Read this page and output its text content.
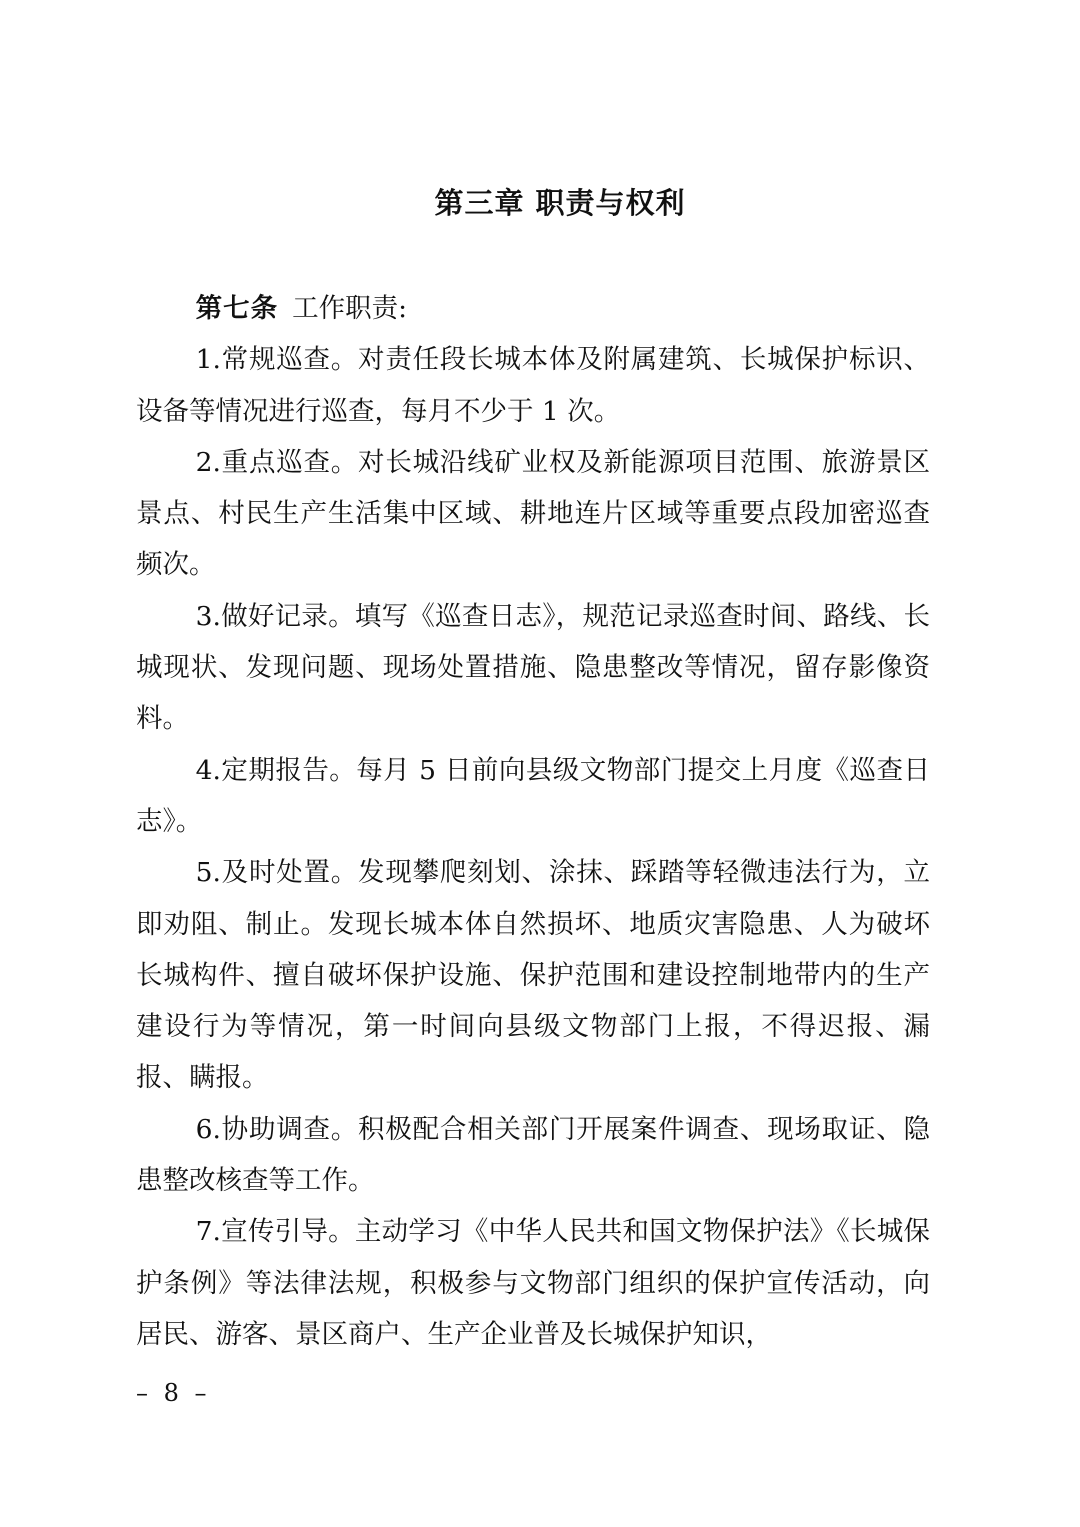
第三章 职责与权利

第七条 工作职责:

1.常规巡查。对责任段长城本体及附属建筑、长城保护标识、设备等情况进行巡查，每月不少于 1 次。

2.重点巡查。对长城沿线矿业权及新能源项目范围、旅游景区景点、村民生产生活集中区域、耕地连片区域等重要点段加密巡查频次。

3.做好记录。填写《巡查日志》，规范记录巡查时间、路线、长城现状、发现问题、现场处置措施、隐患整改等情况，留存影像资料。

4.定期报告。每月 5 日前向县级文物部门提交上月度《巡查日志》。

5.及时处置。发现攀爬刻划、涂抹、踩踏等轻微违法行为，立即劝阻、制止。发现长城本体自然损坏、地质灾害隐患、人为破坏长城构件、擅自破坏保护设施、保护范围和建设控制地带内的生产建设行为等情况，第一时间向县级文物部门上报，不得迟报、漏报、瞒报。

6.协助调查。积极配合相关部门开展案件调查、现场取证、隐患整改核查等工作。

7.宣传引导。主动学习《中华人民共和国文物保护法》《长城保护条例》等法律法规，积极参与文物部门组织的保护宣传活动，向居民、游客、景区商户、生产企业普及长城保护知识，

– 8 –
